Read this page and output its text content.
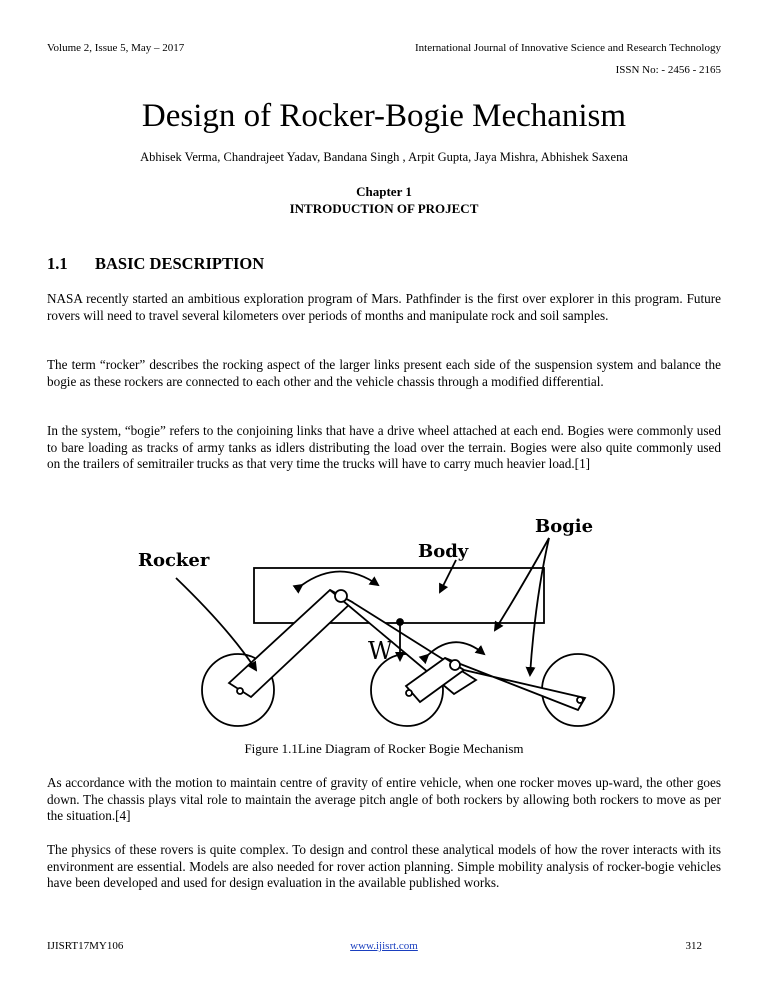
Volume 2, Issue 5, May – 2017	International Journal of Innovative Science and Research Technology
ISSN No: - 2456 - 2165
Design of Rocker-Bogie Mechanism
Abhisek Verma, Chandrajeet Yadav, Bandana Singh , Arpit Gupta, Jaya Mishra, Abhishek Saxena
Chapter 1
INTRODUCTION OF PROJECT
1.1 BASIC DESCRIPTION

NASA recently started an ambitious exploration program of Mars. Pathfinder is the first over explorer in this program. Future rovers will need to travel several kilometers over periods of months and manipulate rock and soil samples.

The term “rocker” describes the rocking aspect of the larger links present each side of the suspension system and balance the bogie as these rockers are connected to each other and the vehicle chassis through a modified differential.

In the system, “bogie” refers to the conjoining links that have a drive wheel attached at each end. Bogies were commonly used to bare loading as tracks of army tanks as idlers distributing the load over the terrain. Bogies were also quite commonly used on the trailers of semitrailer trucks as that very time the trucks will have to carry much heavier load.[1]

Bogie
Body
Rocker
W
Figure 1.1Line Diagram of Rocker Bogie Mechanism

As accordance with the motion to maintain centre of gravity of entire vehicle, when one rocker moves up-ward, the other goes down. The chassis plays vital role to maintain the average pitch angle of both rockers by allowing both rockers to move as per the situation.[4]

The physics of these rovers is quite complex. To design and control these analytical models of how the rover interacts with its environment are essential. Models are also needed for rover action planning. Simple mobility analysis of rocker-bogie vehicles have been developed and used for design evaluation in the available published works.

IJISRT17MY106	www.ijisrt.com	312
